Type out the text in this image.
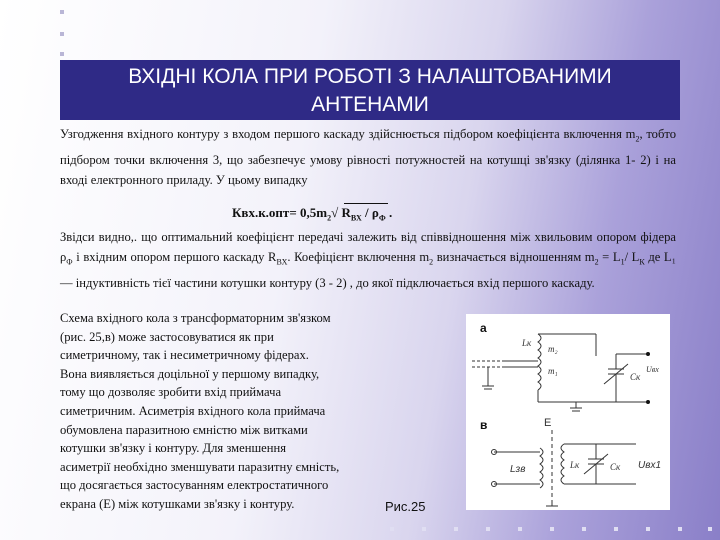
ВХІДНІ КОЛА ПРИ РОБОТІ З НАЛАШТОВАНИМИ
АНТЕНАМИ
Узгодження вхідного контуру з входом першого каскаду здійснюється підбором коефіцієнта включення $m_2$, тобто підбором точки включення 3, що забезпечує умову рівності потужностей на котушці зв'язку (ділянка 1- 2) і на вході електронного приладу. У цьому випадку
$Квх.к.опт= 0,5m_2√$ $R_{ВХ} / \rho_Ф$ .
Звідси видно,. що оптимальний коефіцієнт передачі залежить від співвідношення між хвильовим опором фідера $\rho_Ф$ і вхідним опором першого каскаду $R_{ВХ}$. Коефіцієнт включення $m_2$ визначається відношенням $m_2 = L_1/$ $L_К$ де L₁ — індуктивність тієї частини котушки контуру (3 - 2) , до якої підключається вхід першого каскаду.
Схема вхідного кола з трансформаторним зв'язком
(рис. 25,в) може застосовуватися як при
симетричному, так і несиметричному фідерах.
Вона виявляється доцільної у першому випадку,
тому що дозволяє зробити вхід приймача
симетричним. Асиметрія вхідного кола приймача
обумовлена паразитною ємністю між витками
котушки зв'язку і контуру. Для зменшення
асиметрії необхідно зменшувати паразитну ємність,
що досягається застосуванням електростатичного
екрана (Е) між котушками зв'язку і контуру.
а
Lк
m₂
m₁
Cк
Uвх
в	Е
Lзв	Lк	Cк Uвх1
Рис.25
